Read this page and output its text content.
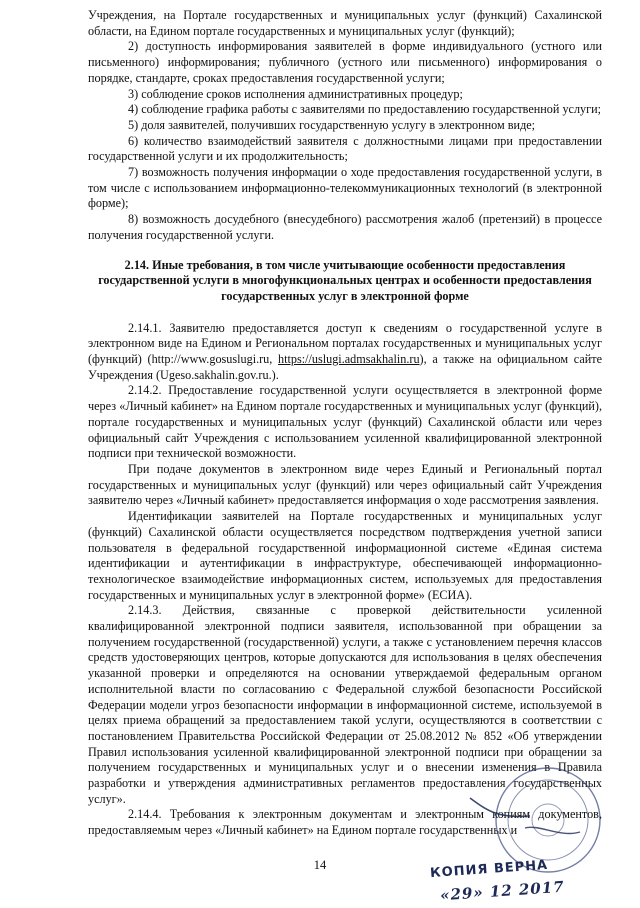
Учреждения, на Портале государственных и муниципальных услуг (функций) Сахалинской области, на Едином портале государственных и муниципальных услуг (функций);

2) доступность информирования заявителей в форме индивидуального (устного или письменного) информирования; публичного (устного или письменного) информирования о порядке, стандарте, сроках предоставления государственной услуги;

3) соблюдение сроков исполнения административных процедур;

4) соблюдение графика работы с заявителями по предоставлению государственной услуги;

5) доля заявителей, получивших государственную услугу в электронном виде;

6) количество взаимодействий заявителя с должностными лицами при предоставлении государственной услуги и их продолжительность;

7) возможность получения информации о ходе предоставления государственной услуги, в том числе с использованием информационно-телекоммуникационных технологий (в электронной форме);

8) возможность досудебного (внесудебного) рассмотрения жалоб (претензий) в процессе получения государственной услуги.

2.14. Иные требования, в том числе учитывающие особенности предоставления государственной услуги в многофункциональных центрах и особенности предоставления государственных услуг в электронной форме

2.14.1. Заявителю предоставляется доступ к сведениям о государственной услуге в электронном виде на Едином и Региональном порталах государственных и муниципальных услуг (функций) (http://www.gosuslugi.ru, https://uslugi.admsakhalin.ru), а также на официальном сайте Учреждения (Ugeso.sakhalin.gov.ru.).

2.14.2. Предоставление государственной услуги осуществляется в электронной форме через «Личный кабинет» на Едином портале государственных и муниципальных услуг (функций), портале государственных и муниципальных услуг (функций) Сахалинской области или через официальный сайт Учреждения с использованием усиленной квалифицированной электронной подписи при технической возможности.

При подаче документов в электронном виде через Единый и Региональный портал государственных и муниципальных услуг (функций) или через официальный сайт Учреждения заявителю через «Личный кабинет» предоставляется информация о ходе рассмотрения заявления.

Идентификации заявителей на Портале государственных и муниципальных услуг (функций) Сахалинской области осуществляется посредством подтверждения учетной записи пользователя в федеральной государственной информационной системе «Единая система идентификации и аутентификации в инфраструктуре, обеспечивающей информационно-технологическое взаимодействие информационных систем, используемых для предоставления государственных и муниципальных услуг в электронной форме» (ЕСИА).

2.14.3. Действия, связанные с проверкой действительности усиленной квалифицированной электронной подписи заявителя, использованной при обращении за получением государственной (государственной) услуги, а также с установлением перечня классов средств удостоверяющих центров, которые допускаются для использования в целях обеспечения указанной проверки и определяются на основании утверждаемой федеральным органом исполнительной власти по согласованию с Федеральной службой безопасности Российской Федерации модели угроз безопасности информации в информационной системе, используемой в целях приема обращений за предоставлением такой услуги, осуществляются в соответствии с постановлением Правительства Российской Федерации от 25.08.2012 № 852 «Об утверждении Правил использования усиленной квалифицированной электронной подписи при обращении за получением государственных и муниципальных услуг и о внесении изменения в Правила разработки и утверждения административных регламентов предоставления государственных услуг».

2.14.4. Требования к электронным документам и электронным копиям документов, предоставляемым через «Личный кабинет» на Едином портале государственных и

14	КОПИЯ ВЕРНА
«29» 12 2017
